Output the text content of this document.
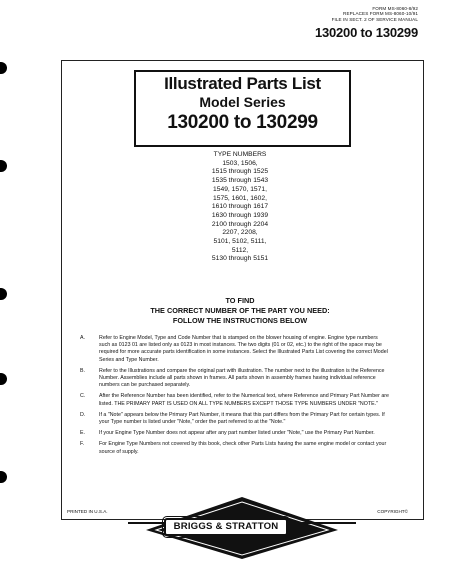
FORM MS-8060-8/92
REPLACES FORM MS-8060-10/91
FILE IN SECT. 2 OF SERVICE MANUAL
130200 to 130299
Illustrated Parts List
Model Series
130200 to 130299
TYPE NUMBERS
1503, 1506,
1515 through 1525
1535 through 1543
1549, 1570, 1571,
1575, 1601, 1602,
1610 through 1617
1630 through 1939
2100 through 2204
2207, 2208,
5101, 5102, 5111,
5112,
5130 through 5151
TO FIND
THE CORRECT NUMBER OF THE PART YOU NEED:
FOLLOW THE INSTRUCTIONS BELOW
A.	Refer to Engine Model, Type and Code Number that is stamped on the blower housing of engine. Engine type numbers such as 0123 01 are listed only as 0123 in most instances. The two digits (01 or 02, etc.) to the right of the space may be required for more accurate parts identification in some instances. Select the Illustrated Parts List covering the correct Model Series and Type Number.
B.	Refer to the Illustrations and compare the original part with illustration. The number next to the illustration is the Reference Number. Assemblies include all parts shown in frames. All parts shown in assembly frames having individual reference numbers can be purchased separately.
C.	After the Reference Number has been identified, refer to the Numerical text, where Reference and Primary Part Number are listed. THE PRIMARY PART IS USED ON ALL TYPE NUMBERS EXCEPT THOSE TYPE NUMBERS UNDER "NOTE."
D.	If a "Note" appears below the Primary Part Number, it means that this part differs from the Primary Part for certain types. If your Type number is listed under "Note," order the part referred to at the "Note."
E.	If your Engine Type Number does not appear after any part number listed under "Note," use the Primary Part Number.
F.	For Engine Type Numbers not covered by this book, check other Parts Lists having the same engine model or contact your source of supply.
PRINTED IN U.S.A.	COPYRIGHT©
BRIGGS & STRATTON
®
